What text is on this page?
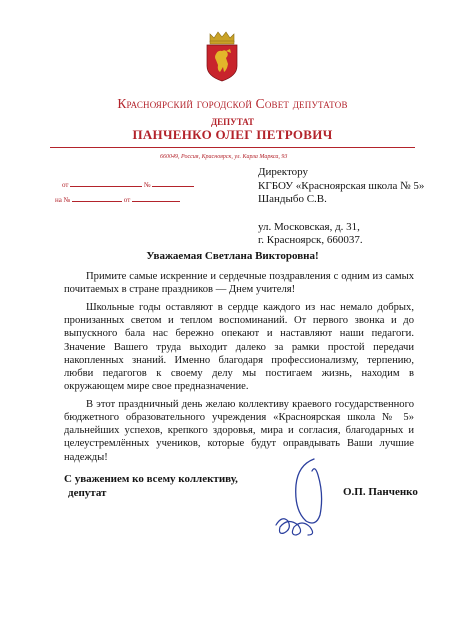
Красноярский городской Совет депутатов
ДЕПУТАТ
ПАНЧЕНКО ОЛЕГ ПЕТРОВИЧ
660049, Россия, Красноярск, ул. Карла Маркса, 93
от	№
на №	от
Директору
КГБОУ «Красноярская школа № 5»
Шандыбо С.В.
ул. Московская, д. 31,
г. Красноярск, 660037.
Уважаемая Светлана Викторовна!

Примите самые искренние и сердечные поздравления с одним из самых почитаемых в стране праздников — Днем учителя!

Школьные годы оставляют в сердце каждого из нас немало добрых, пронизанных светом и теплом воспоминаний. От первого звонка и до выпускного бала нас бережно опекают и наставляют наши педагоги. Значение Вашего труда выходит далеко за рамки простой передачи накопленных знаний. Именно благодаря профессионализму, терпению, любви педагогов к своему делу мы постигаем жизнь, находим в окружающем мире свое предназначение.

В этот праздничный день желаю коллективу краевого государственного бюджетного образовательного учреждения «Красноярская школа № 5» дальнейших успехов, крепкого здоровья, мира и согласия, благодарных и целеустремлённых учеников, которые будут оправдывать Ваши лучшие надежды!

С уважением ко всему коллективу,
депутат	О.П. Панченко
